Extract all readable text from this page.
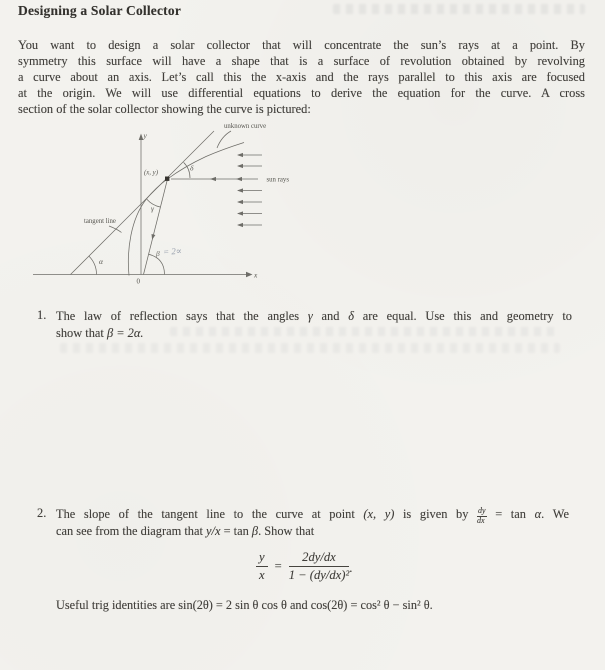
Designing a Solar Collector
You want to design a solar collector that will concentrate the sun’s rays at a point. By
symmetry this surface will have a shape that is a surface of revolution obtained by revolving
a curve about an axis. Let’s call this the x-axis and the rays parallel to this axis are focused
at the origin. We will use differential equations to derive the equation for the curve. A cross
section of the solar collector showing the curve is pictured:
unknown curve
sun rays
tangent line
(x, y)
x
y
0
α
γ
δ
β = 2∝
1. The law of reflection says that the angles γ and δ are equal. Use this and geometry to
show that β = 2α.
2. The slope of the tangent line to the curve at point (x, y) is given by $\frac{dy}{dx} = \tan \alpha$. We
can see from the diagram that y/x = tan β. Show that
$\frac{y}{x} = \frac{2dy/dx}{\text{1 − (dy/dx)²}}$ .
Useful trig identities are sin(2θ) = 2 sin θ cos θ and cos(2θ) = cos² θ − sin² θ.
